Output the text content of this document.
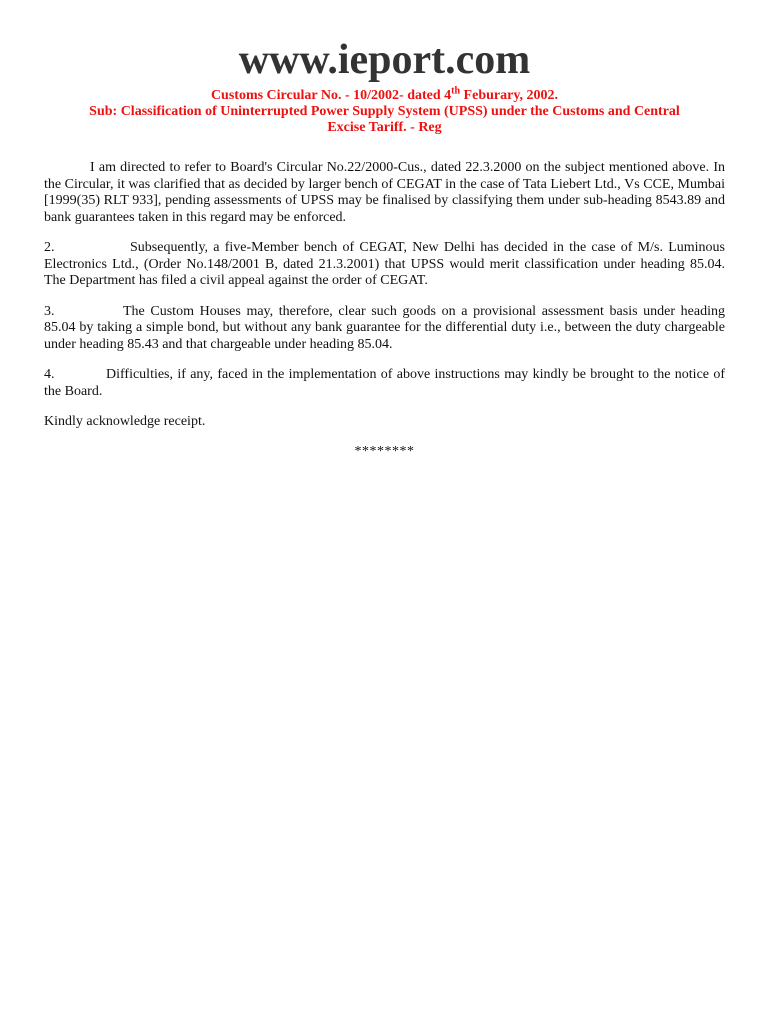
www.ieport.com
Customs Circular No. - 10/2002- dated 4th Feburary, 2002.
Sub: Classification of Uninterrupted Power Supply System (UPSS) under the Customs and Central
Excise Tariff. - Reg

I am directed to refer to Board's Circular No.22/2000-Cus., dated 22.3.2000 on the subject mentioned above. In the Circular, it was clarified that as decided by larger bench of CEGAT in the case of Tata Liebert Ltd., Vs CCE, Mumbai [1999(35) RLT 933], pending assessments of UPSS may be finalised by classifying them under sub-heading 8543.89 and bank guarantees taken in this regard may be enforced.

2.	Subsequently, a five-Member bench of CEGAT, New Delhi has decided in the case of M/s. Luminous Electronics Ltd., (Order No.148/2001 B, dated 21.3.2001) that UPSS would merit classification under heading 85.04. The Department has filed a civil appeal against the order of CEGAT.

3.	The Custom Houses may, therefore, clear such goods on a provisional assessment basis under heading 85.04 by taking a simple bond, but without any bank guarantee for the differential duty i.e., between the duty chargeable under heading 85.43 and that chargeable under heading 85.04.

4.	Difficulties, if any, faced in the implementation of above instructions may kindly be brought to the notice of the Board.

Kindly acknowledge receipt.

********
